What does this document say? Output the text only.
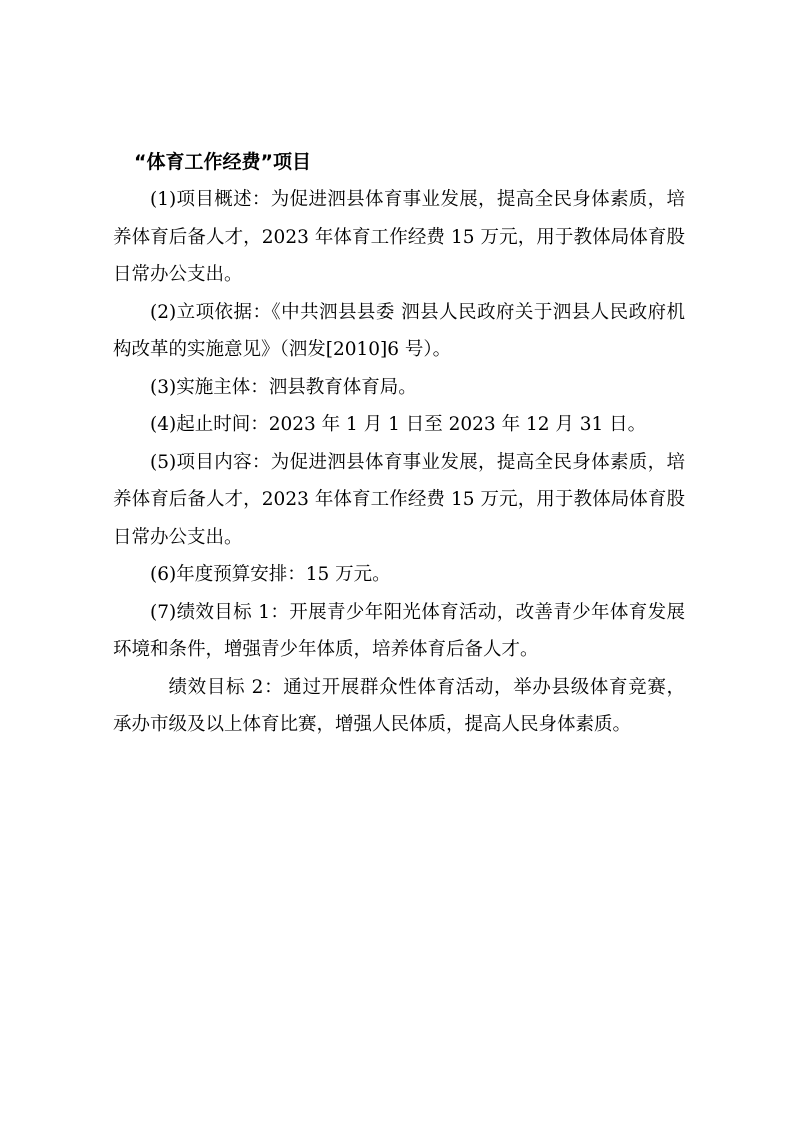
“体育工作经费”项目

(1)项目概述：为促进泗县体育事业发展，提高全民身体素质，培养体育后备人才，2023 年体育工作经费 15 万元，用于教体局体育股日常办公支出。

(2)立项依据：《中共泗县县委 泗县人民政府关于泗县人民政府机构改革的实施意见》（泗发[2010]6 号）。

(3)实施主体：泗县教育体育局。

(4)起止时间：2023 年 1 月 1 日至 2023 年 12 月 31 日。

(5)项目内容：为促进泗县体育事业发展，提高全民身体素质，培养体育后备人才，2023 年体育工作经费 15 万元，用于教体局体育股日常办公支出。

(6)年度预算安排：15 万元。

(7)绩效目标 1：开展青少年阳光体育活动，改善青少年体育发展环境和条件，增强青少年体质，培养体育后备人才。

绩效目标 2：通过开展群众性体育活动，举办县级体育竞赛，承办市级及以上体育比赛，增强人民体质，提高人民身体素质。
